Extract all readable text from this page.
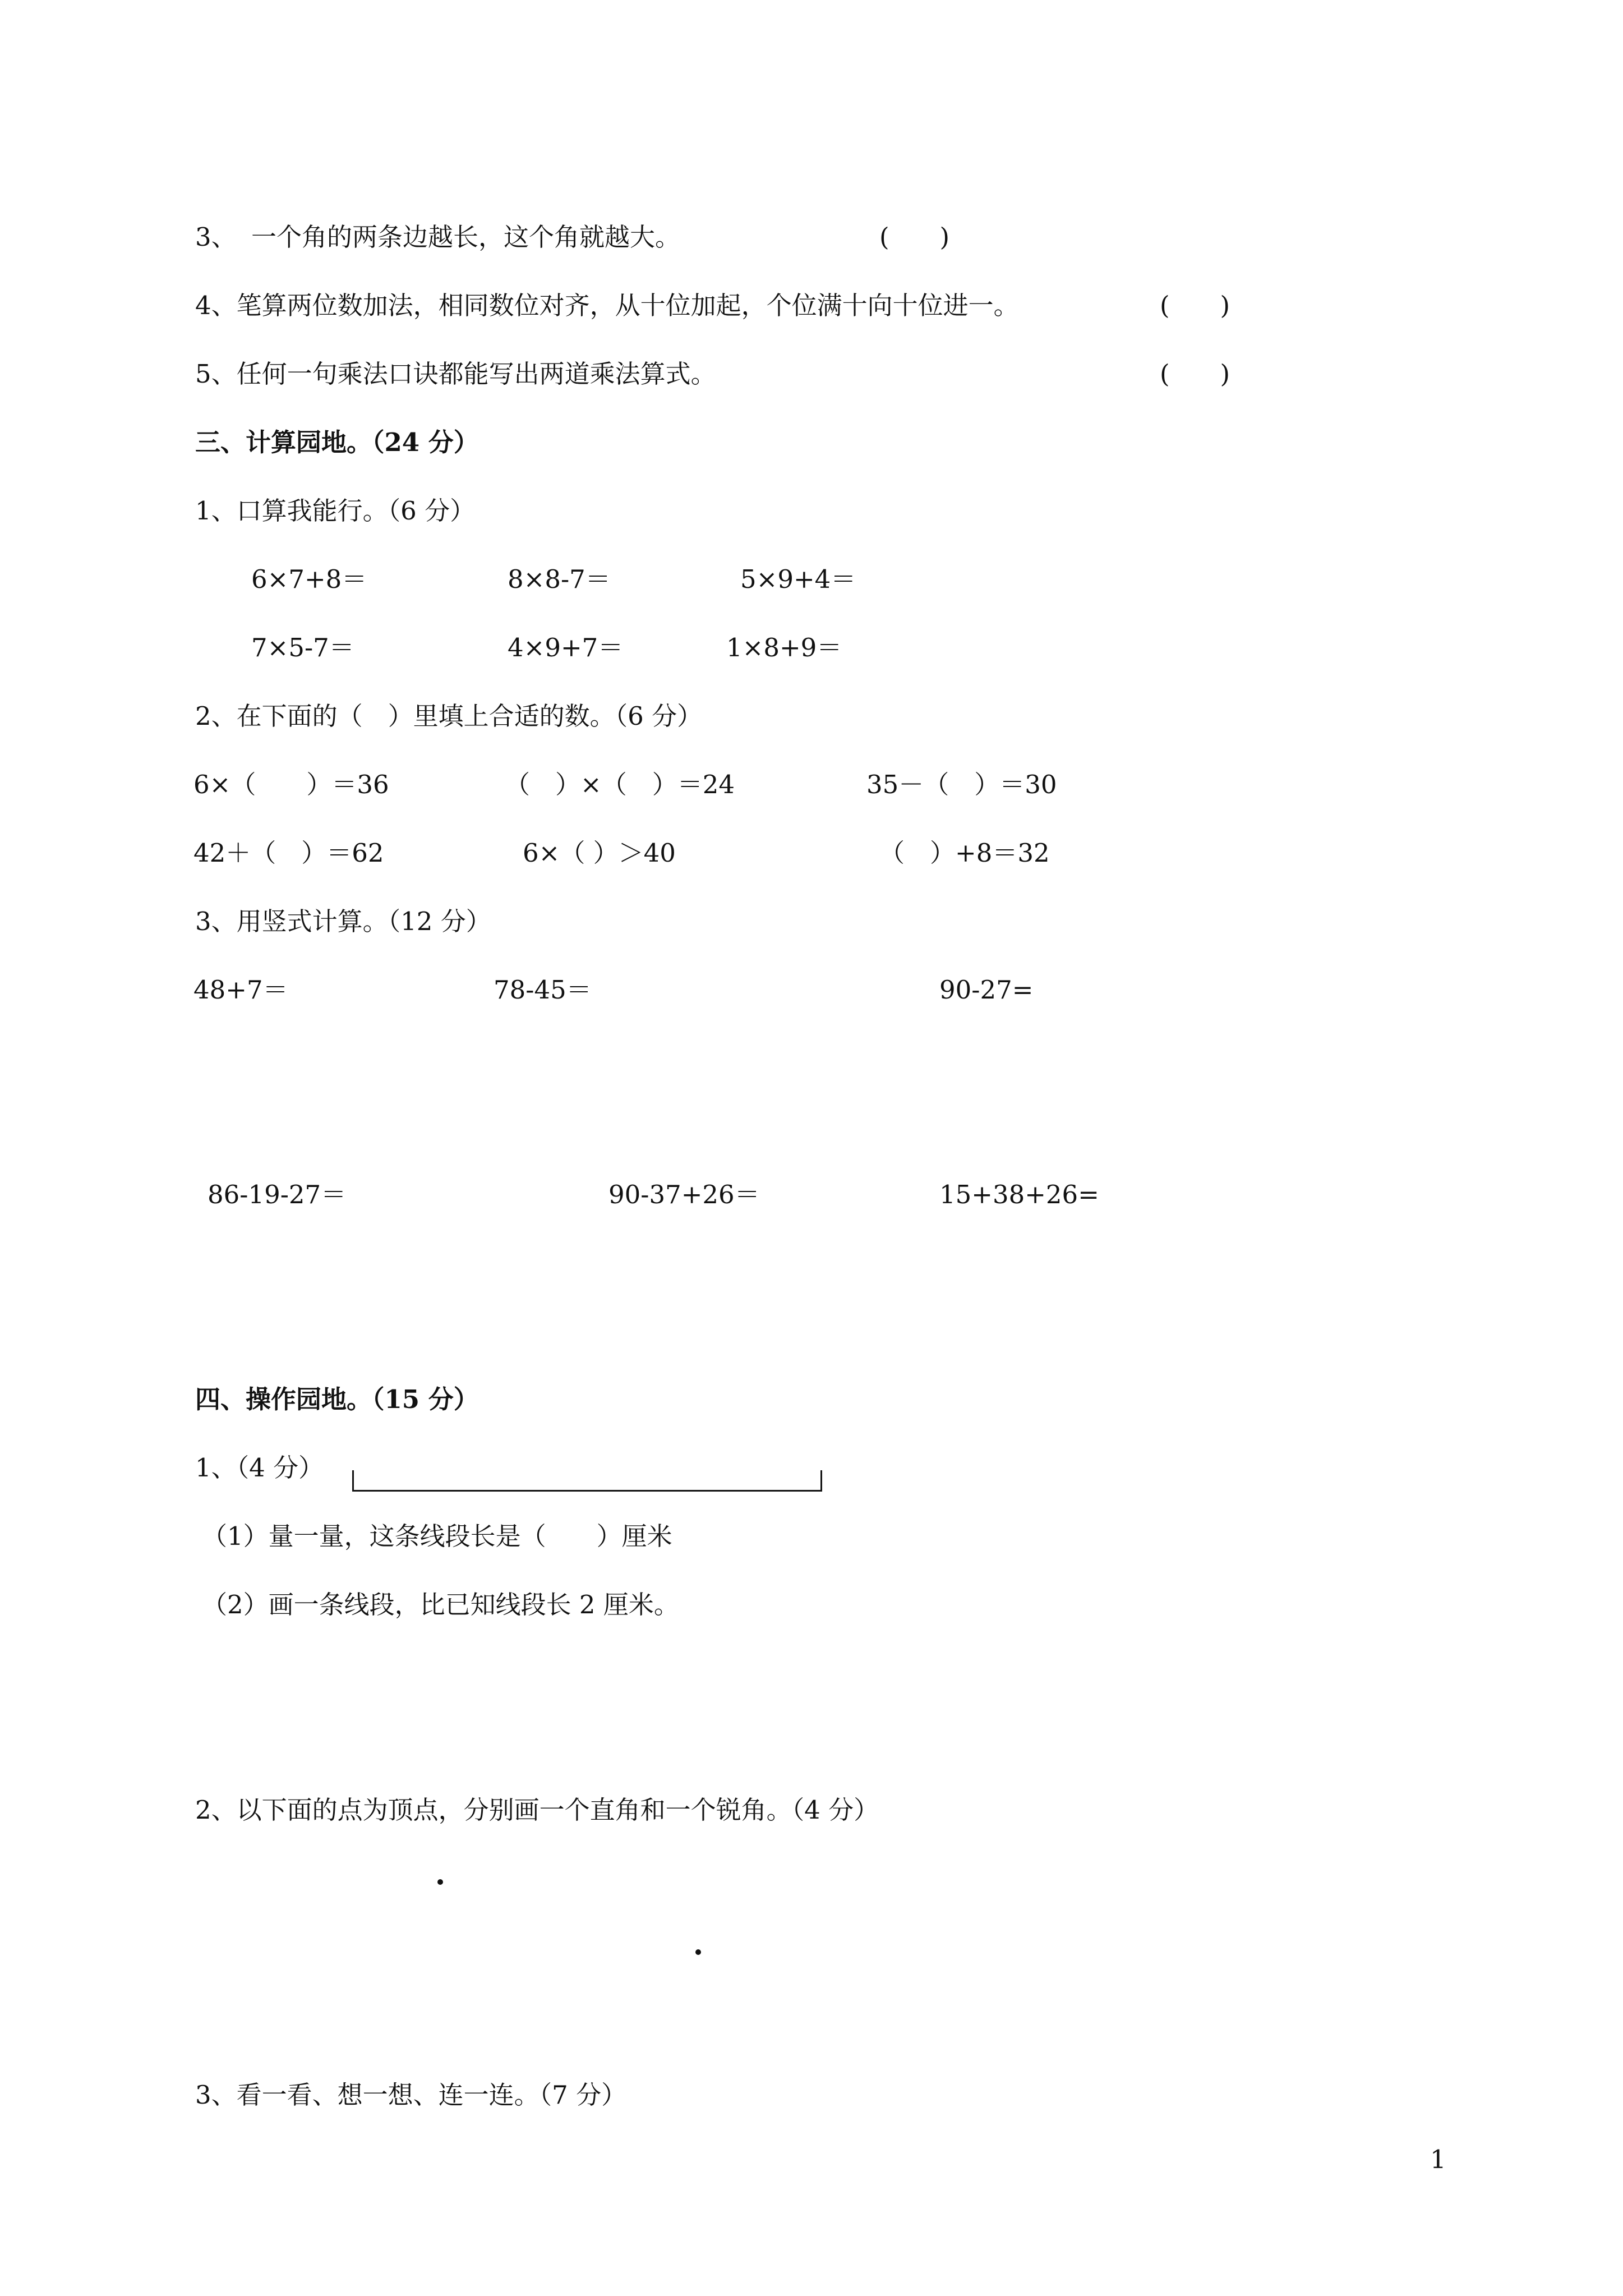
3、 一个角的两条边越长，这个角就越大。	(　　)
4、笔算两位数加法，相同数位对齐，从十位加起，个位满十向十位进一。	(　　)
5、任何一句乘法口诀都能写出两道乘法算式。	(　　)
三、计算园地。（24 分）
1、口算我能行。（6 分）
6×7+8＝	8×8-7＝	5×9+4＝
7×5-7＝	4×9+7＝	1×8+9＝
2、在下面的（　）里填上合适的数。（6 分）
6×（　　）＝36	（　）×（　）＝24	35－（　）＝30
42＋（　）＝62	6×（ ）＞40	（　）+8＝32
3、用竖式计算。（12 分）
48+7＝	78-45＝	90-27=
86-19-27＝	90-37+26＝	15+38+26=
四、操作园地。（15 分）
1、（4 分）
（1）量一量，这条线段长是（　　）厘米
（2）画一条线段，比已知线段长 2 厘米。
2、以下面的点为顶点，分别画一个直角和一个锐角。（4 分）
3、看一看、想一想、连一连。（7 分）
1
